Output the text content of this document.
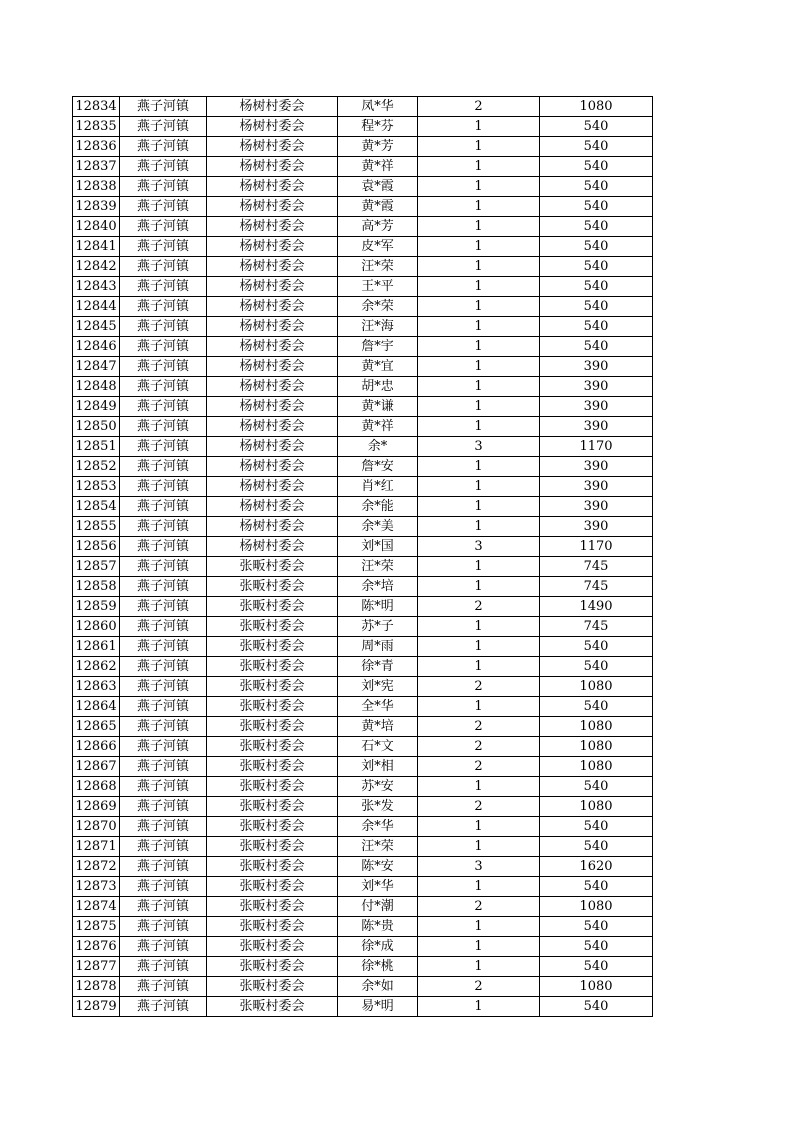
12834	燕子河镇	杨树村委会	凤*华	2	1080
12835	燕子河镇	杨树村委会	程*芬	1	540
12836	燕子河镇	杨树村委会	黄*芳	1	540
12837	燕子河镇	杨树村委会	黄*祥	1	540
12838	燕子河镇	杨树村委会	袁*霞	1	540
12839	燕子河镇	杨树村委会	黄*霞	1	540
12840	燕子河镇	杨树村委会	高*芳	1	540
12841	燕子河镇	杨树村委会	皮*军	1	540
12842	燕子河镇	杨树村委会	汪*荣	1	540
12843	燕子河镇	杨树村委会	王*平	1	540
12844	燕子河镇	杨树村委会	余*荣	1	540
12845	燕子河镇	杨树村委会	汪*海	1	540
12846	燕子河镇	杨树村委会	詹*宇	1	540
12847	燕子河镇	杨树村委会	黄*宜	1	390
12848	燕子河镇	杨树村委会	胡*忠	1	390
12849	燕子河镇	杨树村委会	黄*谦	1	390
12850	燕子河镇	杨树村委会	黄*祥	1	390
12851	燕子河镇	杨树村委会	余*	3	1170
12852	燕子河镇	杨树村委会	詹*安	1	390
12853	燕子河镇	杨树村委会	肖*红	1	390
12854	燕子河镇	杨树村委会	余*能	1	390
12855	燕子河镇	杨树村委会	余*美	1	390
12856	燕子河镇	杨树村委会	刘*国	3	1170
12857	燕子河镇	张畈村委会	汪*荣	1	745
12858	燕子河镇	张畈村委会	余*培	1	745
12859	燕子河镇	张畈村委会	陈*明	2	1490
12860	燕子河镇	张畈村委会	苏*子	1	745
12861	燕子河镇	张畈村委会	周*雨	1	540
12862	燕子河镇	张畈村委会	徐*青	1	540
12863	燕子河镇	张畈村委会	刘*宪	2	1080
12864	燕子河镇	张畈村委会	全*华	1	540
12865	燕子河镇	张畈村委会	黄*培	2	1080
12866	燕子河镇	张畈村委会	石*文	2	1080
12867	燕子河镇	张畈村委会	刘*相	2	1080
12868	燕子河镇	张畈村委会	苏*安	1	540
12869	燕子河镇	张畈村委会	张*发	2	1080
12870	燕子河镇	张畈村委会	余*华	1	540
12871	燕子河镇	张畈村委会	汪*荣	1	540
12872	燕子河镇	张畈村委会	陈*安	3	1620
12873	燕子河镇	张畈村委会	刘*华	1	540
12874	燕子河镇	张畈村委会	付*潮	2	1080
12875	燕子河镇	张畈村委会	陈*贵	1	540
12876	燕子河镇	张畈村委会	徐*成	1	540
12877	燕子河镇	张畈村委会	徐*桃	1	540
12878	燕子河镇	张畈村委会	余*如	2	1080
12879	燕子河镇	张畈村委会	易*明	1	540
